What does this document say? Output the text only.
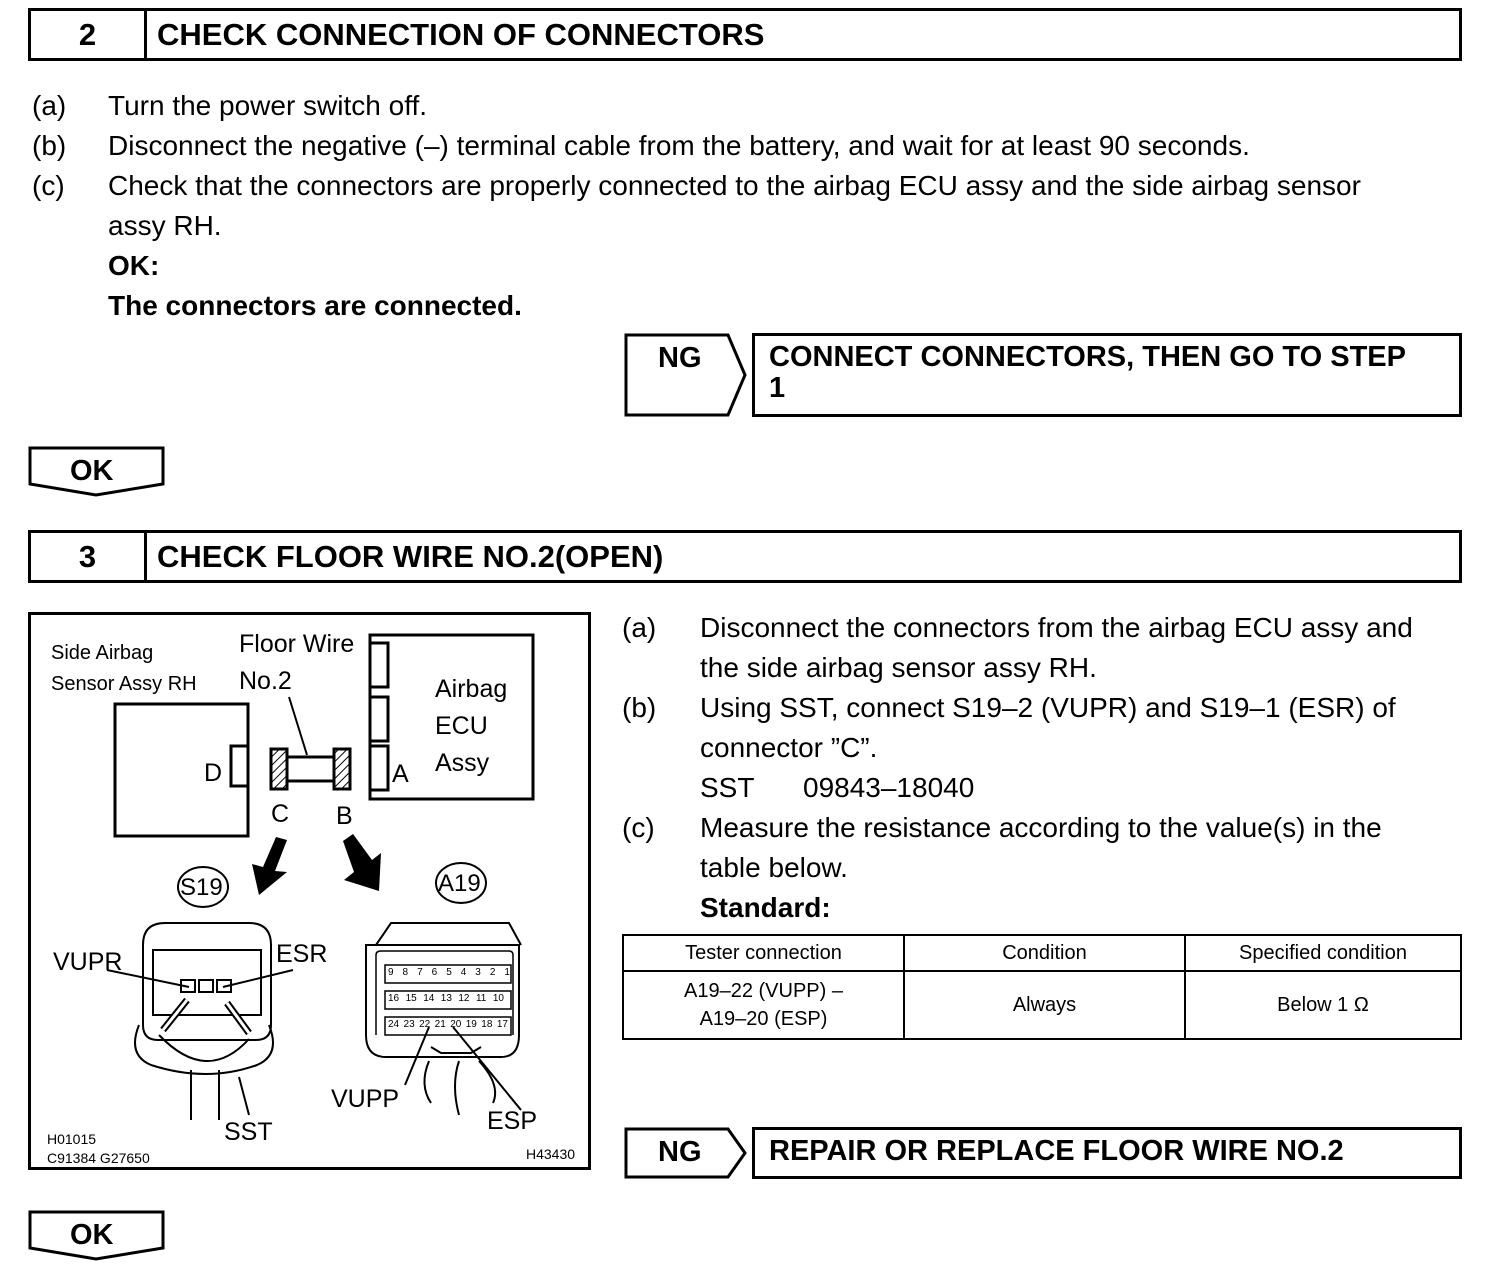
2	CHECK CONNECTION OF CONNECTORS
(a) Turn the power switch off.
(b) Disconnect the negative (–) terminal cable from the battery, and wait for at least 90 seconds.
(c) Check that the connectors are properly connected to the airbag ECU assy and the side airbag sensor
assy RH.
OK:
The connectors are connected.
NG CONNECT CONNECTORS, THEN GO TO STEP
1
OK
3	CHECK FLOOR WIRE NO.2(OPEN)
Side Airbag
Sensor Assy RH
Floor Wire
No.2	Airbag
ECU
Assy
D	A
C B
S19	A19
VUPR	ESR
SST
VUPP
ESP
H01015
C91384 G27650	H43430
9 8 7 6 5 4 3 2 1
16 15 14 13 12 11 10
24 23 22 21 20 19 18 17
(a) Disconnect the connectors from the airbag ECU assy and
the side airbag sensor assy RH.
(b) Using SST, connect S19–2 (VUPR) and S19–1 (ESR) of
connector ”C”.
SST 09843–18040
(c) Measure the resistance according to the value(s) in the
table below.
Standard:
Tester connection	Condition	Specified condition

A19–22 (VUPP) –
A19–20 (ESP)	Always	Below 1 Ω
NG REPAIR OR REPLACE FLOOR WIRE NO.2
OK
